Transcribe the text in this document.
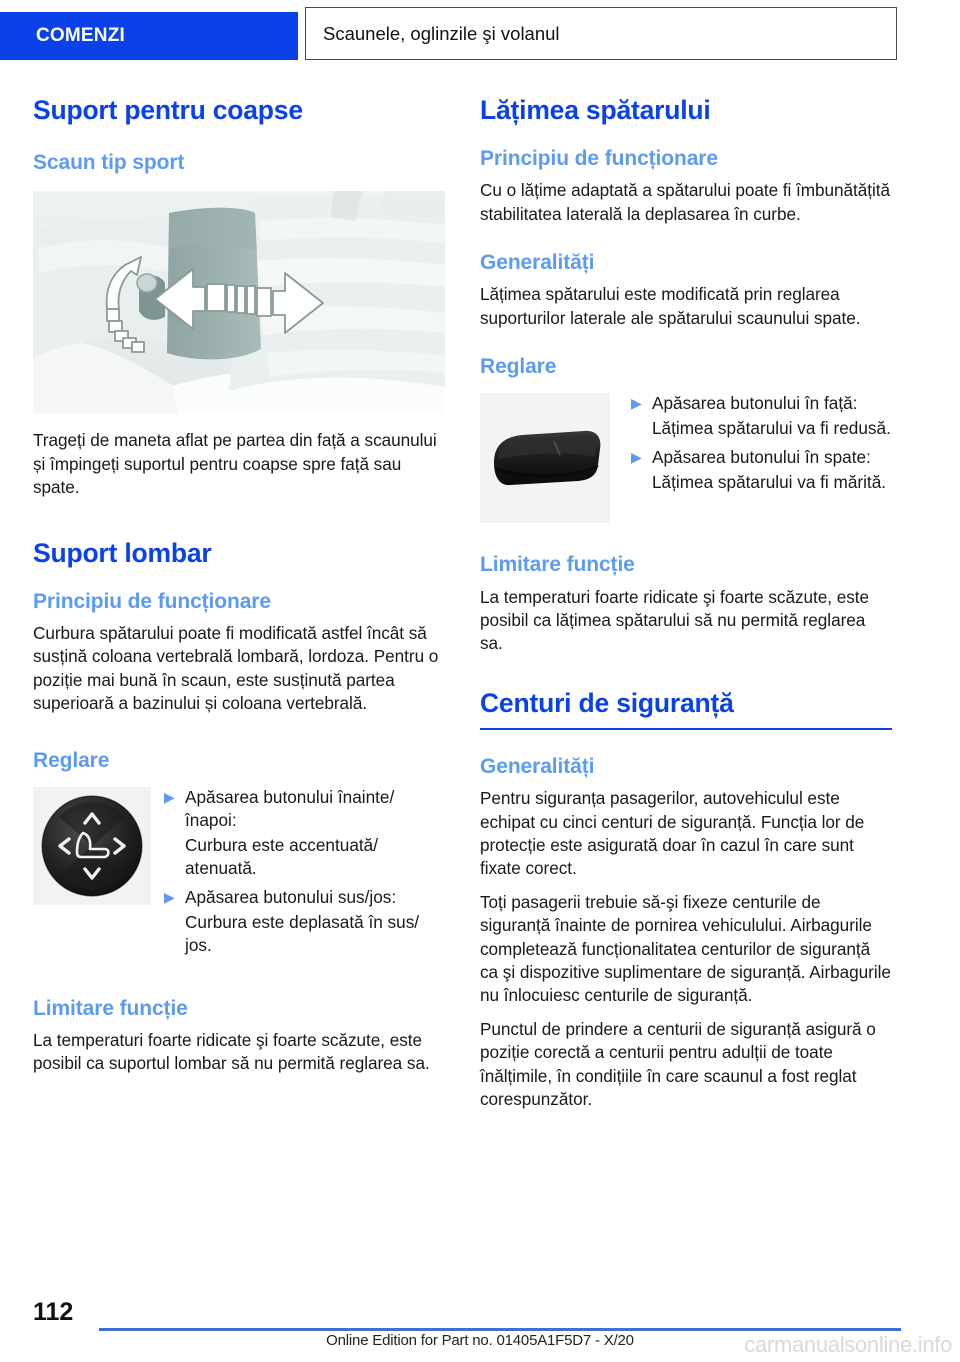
COMENZI	Scaunele, oglinzile şi volanul
Suport pentru coapse
Scaun tip sport

Trageți de maneta aflat pe partea din față a scaunului și împingeți suportul pentru coapse spre față sau spate.

Suport lombar
Principiu de funcționare

Curbura spătarului poate fi modificată astfel încât să susțină coloana vertebrală lombară, lordoza. Pentru o poziție mai bună în scaun, este susținută partea superioară a bazinului și coloana vertebrală.

Reglare
▶ Apăsarea butonului înainte/ înapoi:
Curbura este accentuată/ atenuată.
▶ Apăsarea butonului sus/jos:
Curbura este deplasată în sus/ jos.
Limitare funcție

La temperaturi foarte ridicate şi foarte scăzute, este posibil ca suportul lombar să nu permită reglarea sa.

Lățimea spătarului
Principiu de funcționare

Cu o lățime adaptată a spătarului poate fi îmbunătățită stabilitatea laterală la deplasarea în curbe.

Generalități

Lățimea spătarului este modificată prin reglarea suporturilor laterale ale spătarului scaunului spate.

Reglare
▶ Apăsarea butonului în față:
Lățimea spătarului va fi redusă.
▶ Apăsarea butonului în spate:
Lățimea spătarului va fi mărită.
Limitare funcție

La temperaturi foarte ridicate şi foarte scăzute, este posibil ca lățimea spătarului să nu permită reglarea sa.

Centuri de siguranță
Generalități

Pentru siguranța pasagerilor, autovehiculul este echipat cu cinci centuri de siguranță. Funcția lor de protecție este asigurată doar în cazul în care sunt fixate corect.

Toți pasagerii trebuie să-şi fixeze centurile de siguranță înainte de pornirea vehiculului. Airbagurile completează funcționalitatea centurilor de siguranță ca şi dispozitive suplimentare de siguranță. Airbagurile nu înlocuiesc centurile de siguranță.

Punctul de prindere a centurii de siguranță asigură o poziție corectă a centurii pentru adulții de toate înălțimile, în condițiile în care scaunul a fost reglat corespunzător.

112
Online Edition for Part no. 01405A1F5D7 - X/20	carmanualsonline.info
